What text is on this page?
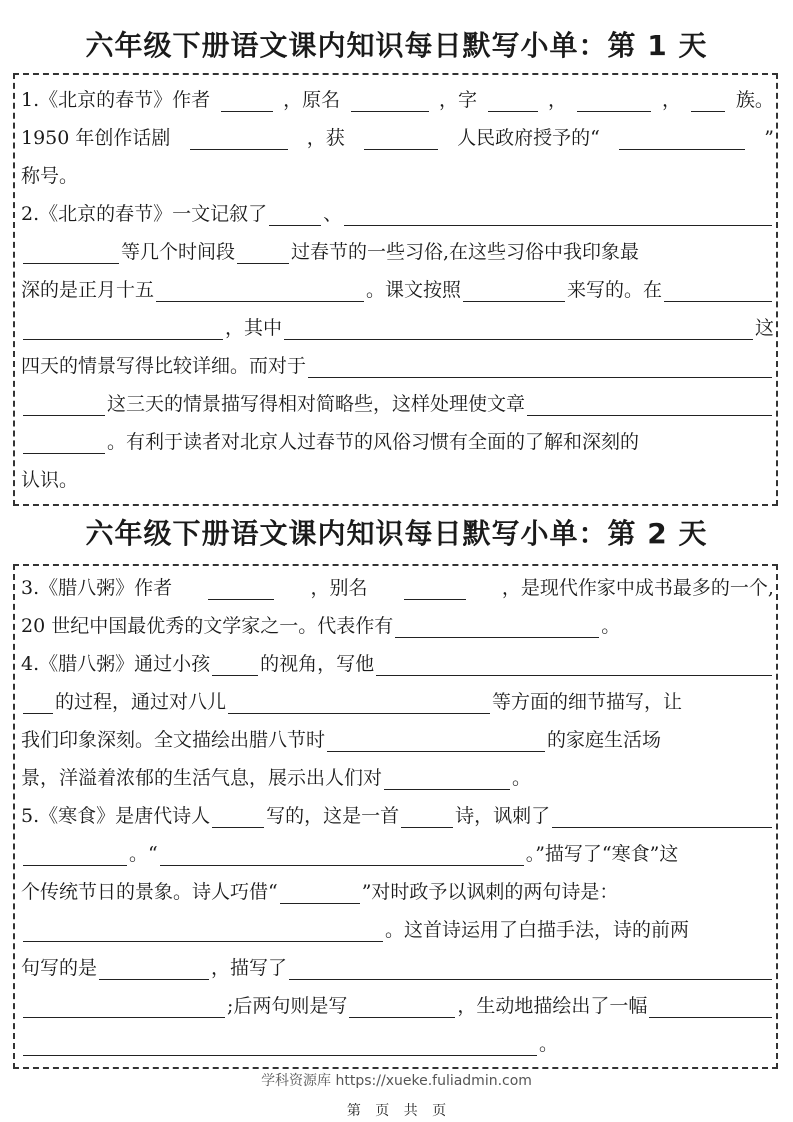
六年级下册语文课内知识每日默写小单：第 1 天
1.《北京的春节》作者	，原名	，字	，	，	族。
1950 年创作话剧	，获	人民政府授予的“	”
称号。
2.《北京的春节》一文记叙了	、
等几个时间段	过春节的一些习俗,在这些习俗中我印象最
深的是正月十五	。课文按照	来写的。在
，其中	这
四天的情景写得比较详细。而对于
这三天的情景描写得相对简略些，这样处理使文章
。有利于读者对北京人过春节的风俗习惯有全面的了解和深刻的
认识。
六年级下册语文课内知识每日默写小单：第 2 天
3.《腊八粥》作者	，别名	，是现代作家中成书最多的一个,
20 世纪中国最优秀的文学家之一。代表作有	。
4.《腊八粥》通过小孩	的视角，写他
的过程，通过对八儿	等方面的细节描写，让
我们印象深刻。全文描绘出腊八节时	的家庭生活场
景，洋溢着浓郁的生活气息，展示出人们对	。
5.《寒食》是唐代诗人	写的，这是一首	诗，讽刺了
。“	。”描写了“寒食”这
个传统节日的景象。诗人巧借“	”对时政予以讽刺的两句诗是：
。这首诗运用了白描手法，诗的前两
句写的是	，描写了
;后两句则是写	，生动地描绘出了一幅
。
学科资源库 https://xueke.fuliadmin.com
第 页 共 页
